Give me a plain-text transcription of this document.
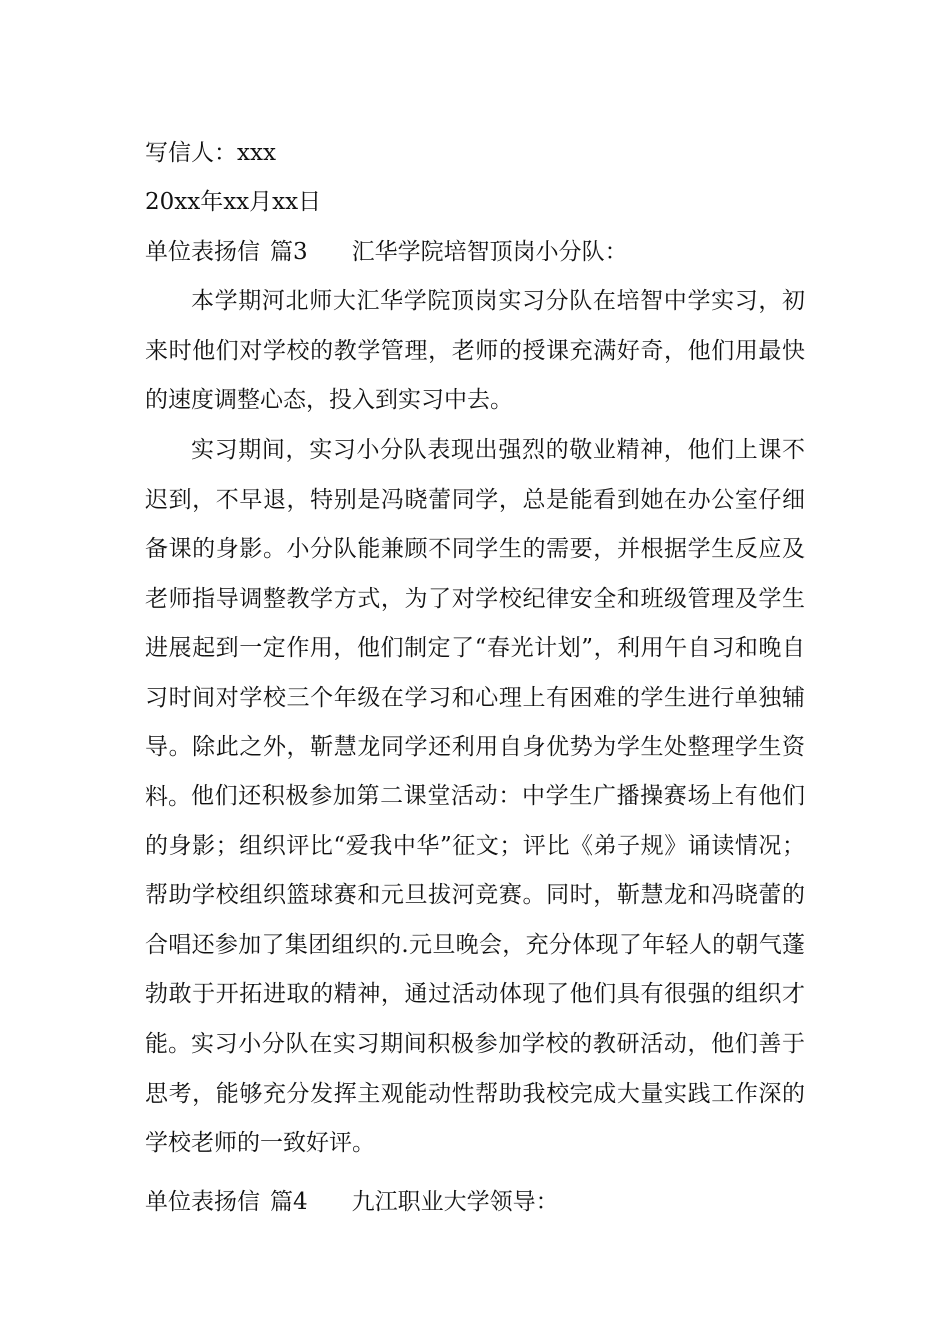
写信人：xxx

20xx年xx月xx日

单位表扬信 篇3 汇华学院培智顶岗小分队：

本学期河北师大汇华学院顶岗实习分队在培智中学实习，初来时他们对学校的教学管理，老师的授课充满好奇，他们用最快的速度调整心态，投入到实习中去。

实习期间，实习小分队表现出强烈的敬业精神，他们上课不迟到，不早退，特别是冯晓蕾同学，总是能看到她在办公室仔细备课的身影。小分队能兼顾不同学生的需要，并根据学生反应及老师指导调整教学方式，为了对学校纪律安全和班级管理及学生进展起到一定作用，他们制定了“春光计划”，利用午自习和晚自习时间对学校三个年级在学习和心理上有困难的学生进行单独辅导。除此之外，靳慧龙同学还利用自身优势为学生处整理学生资料。 他们还积极参加第二课堂活动：中学生广播操赛场上有他们的身影；组织评比“爱我中华”征文；评比《弟子规》诵读情况；帮助学校组织篮球赛和元旦拔河竞赛。同时，靳慧龙和冯晓蕾的合唱还参加了集团组织的.元旦晚会，充分体现了年轻人的朝气蓬勃敢于开拓进取的精神，通过活动体现了他们具有很强的组织才能。 实习小分队在实习期间积极参加学校的教研活动，他们善于思考，能够充分发挥主观能动性帮助我校完成大量实践工作深的学校老师的一致好评。

单位表扬信 篇4 九江职业大学领导：
